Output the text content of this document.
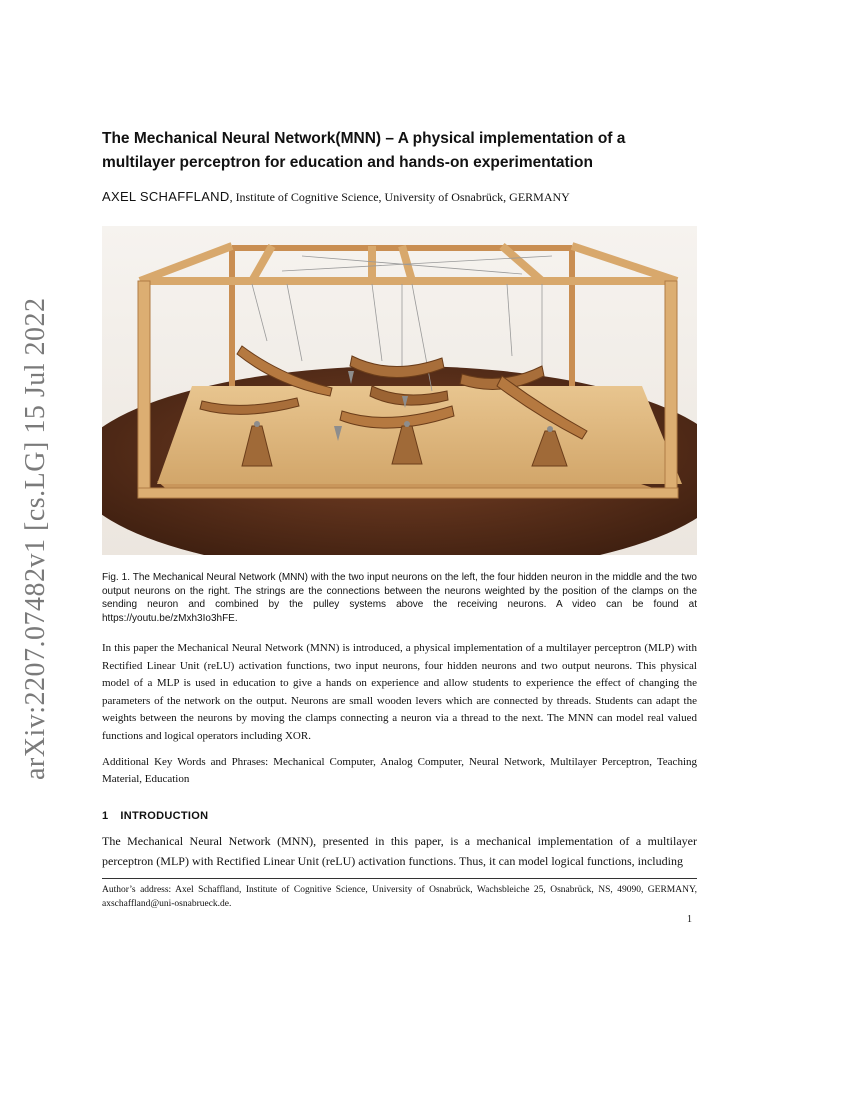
arXiv:2207.07482v1 [cs.LG] 15 Jul 2022
The Mechanical Neural Network(MNN) – A physical implementation of a multilayer perceptron for education and hands-on experimentation
AXEL SCHAFFLAND, Institute of Cognitive Science, University of Osnabrück, GERMANY
Fig. 1. The Mechanical Neural Network (MNN) with the two input neurons on the left, the four hidden neuron in the middle and the two output neurons on the right. The strings are the connections between the neurons weighted by the position of the clamps on the sending neuron and combined by the pulley systems above the receiving neurons. A video can be found at https://youtu.be/zMxh3Io3hFE.

In this paper the Mechanical Neural Network (MNN) is introduced, a physical implementation of a multilayer perceptron (MLP) with Rectified Linear Unit (reLU) activation functions, two input neurons, four hidden neurons and two output neurons. This physical model of a MLP is used in education to give a hands on experience and allow students to experience the effect of changing the parameters of the network on the output. Neurons are small wooden levers which are connected by threads. Students can adapt the weights between the neurons by moving the clamps connecting a neuron via a thread to the next. The MNN can model real valued functions and logical operators including XOR.

Additional Key Words and Phrases: Mechanical Computer, Analog Computer, Neural Network, Multilayer Perceptron, Teaching Material, Education

1 INTRODUCTION

The Mechanical Neural Network (MNN), presented in this paper, is a mechanical implementation of a multilayer perceptron (MLP) with Rectified Linear Unit (reLU) activation functions. Thus, it can model logical functions, including

Author’s address: Axel Schaffland, Institute of Cognitive Science, University of Osnabrück, Wachsbleiche 25, Osnabrück, NS, 49090, GERMANY, axschaffland@uni-osnabrueck.de.
1
